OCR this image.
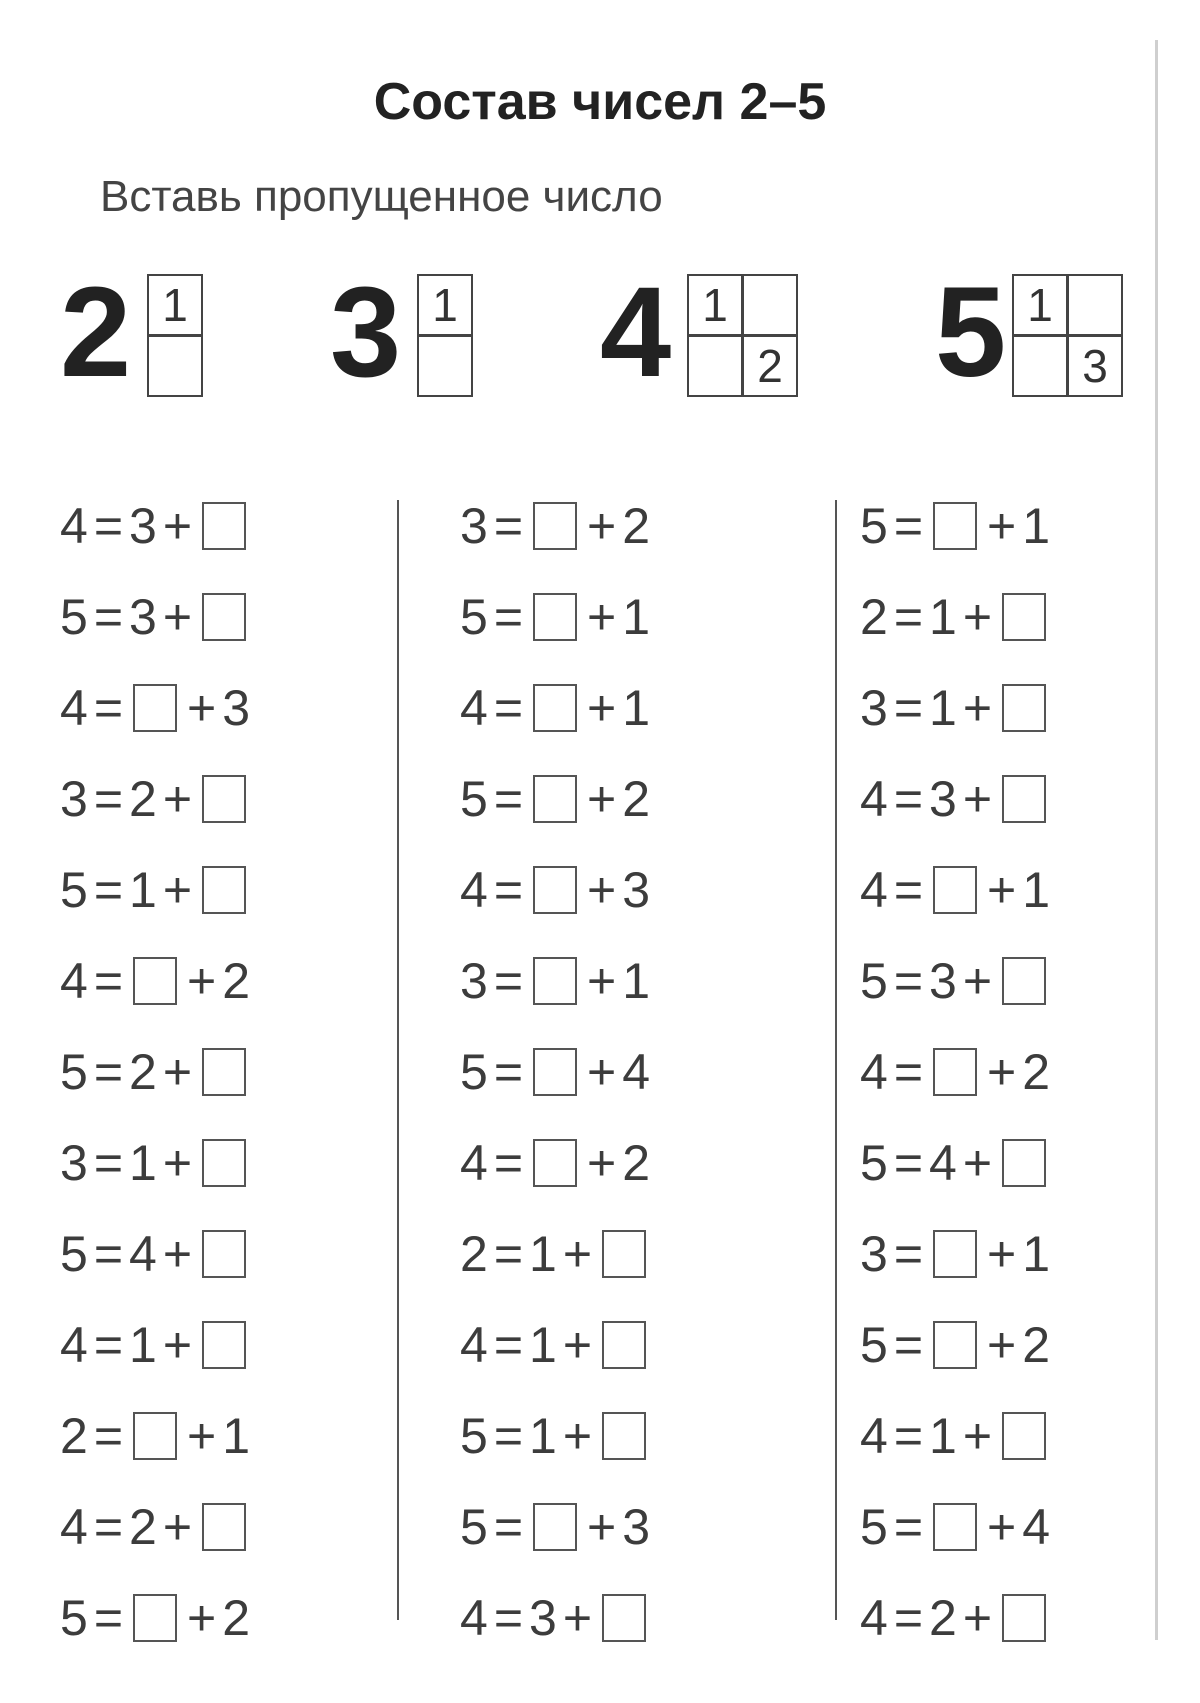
Состав чисел 2–5
Вставь пропущенное число
2 1 3 1 4 1
2 5 1
3
4 = 3 +
5 = 3 +
4 = + 3
3 = 2 +
5 = 1 +
4 = + 2
5 = 2 +
3 = 1 +
5 = 4 +
4 = 1 +
2 = + 1
4 = 2 +
5 = + 2
3 = + 2
5 = + 1
4 = + 1
5 = + 2
4 = + 3
3 = + 1
5 = + 4
4 = + 2
2 = 1 +
4 = 1 +
5 = 1 +
5 = + 3
4 = 3 +
5 = + 1
2 = 1 +
3 = 1 +
4 = 3 +
4 = + 1
5 = 3 +
4 = + 2
5 = 4 +
3 = + 1
5 = + 2
4 = 1 +
5 = + 4
4 = 2 +
